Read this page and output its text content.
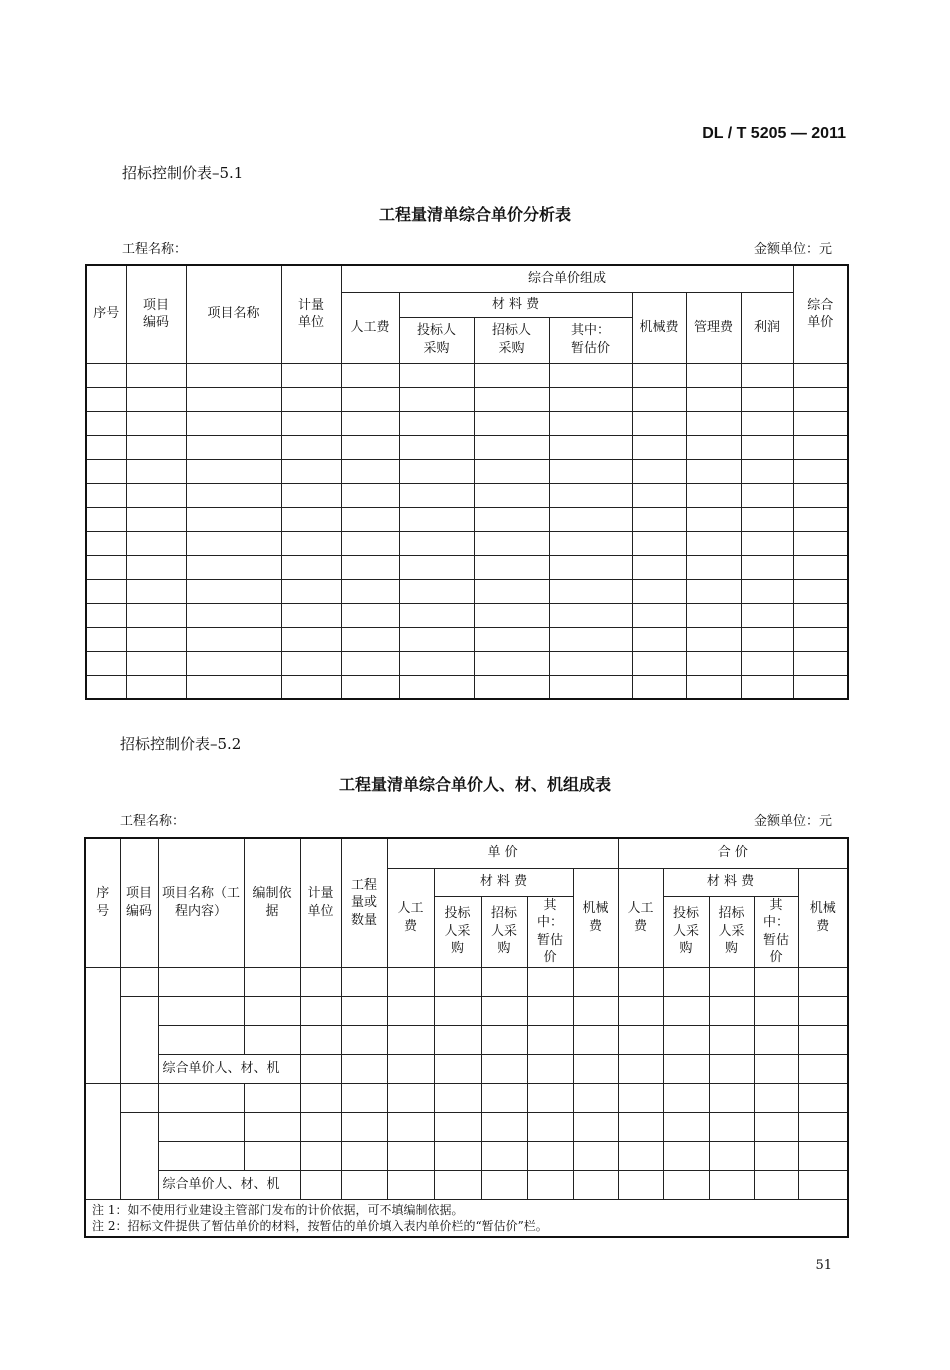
DL / T 5205 — 2011
招标控制价表–5.1
工程量清单综合单价分析表
工程名称：	金额单位：元
序号	项目编码	项目名称	计量单位	综合单价组成							综合单价

				人工费	材 料 费			机械费	管理费	利润	

					投标人采购	招标人采购	其中：暂估价				

招标控制价表–5.2
工程量清单综合单价人、材、机组成表
工程名称：	金额单位：元
序号	项目编码	项目名称（工程内容）	编制依据	计量单位	工程量或数量	单 价					合 价				

						人工费	材 料 费			机械费	人工费	材 料 费			机械费

							投标人采购	招标人采购	其中：暂估价			投标人采购	招标人采购	其中：暂估价	

		综合单价人、材、机													

		综合单价人、材、机													

注 1：如不使用行业建设主管部门发布的计价依据，可不填编制依据。
注 2：招标文件提供了暂估单价的材料，按暂估的单价填入表内单价栏的“暂估价”栏。															
51
